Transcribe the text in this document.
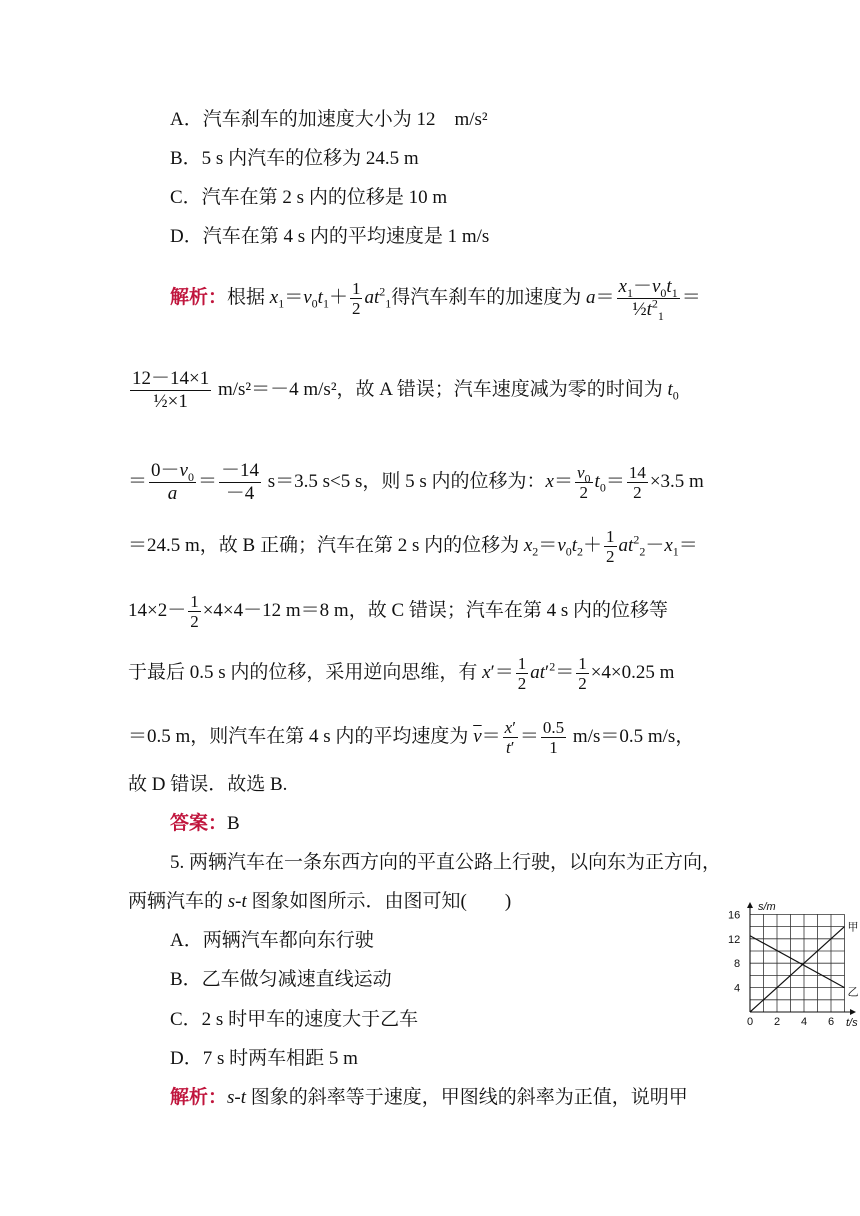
A．汽车刹车的加速度大小为 12　m/s²
B．5 s 内汽车的位移为 24.5 m
C．汽车在第 2 s 内的位移是 10 m
D．汽车在第 4 s 内的平均速度是 1 m/s
解析：根据 $x_1=v_0t_1+ \frac{1}{2} at^2_1$得汽车刹车的加速度为 $a= \frac{x_1-v_0t_1}{\frac{1}{2}t^2_1}$ ＝
$\frac{12-14\times 1}{\text{½×1}} m/s^2=-4$ m/s²，故 A 错误；汽车速度减为零的时间为 $t_0$
＝ $\frac{0-v_0}{a} = \frac{-14}{-4} s=3.5$ s<5 s，则 5 s 内的位移为：$x= \frac{v_0}{2} t_0= \frac{14}{2} \times 3.5$ m
＝24.5 m，故 B 正确；汽车在第 2 s 内的位移为 $x_2=v_0t_2+ \frac{1}{2} at^2_2-x_1=$
$14\times 2- \frac{1}{2} \times 4\times 4-12$ m＝8 m，故 C 错误；汽车在第 4 s 内的位移等
于最后 0.5 s 内的位移，采用逆向思维，有 $x'= \frac{1}{2} at'^2= \frac{1}{2} \times 4\times 0.25$ m
＝0.5 m，则汽车在第 4 s 内的平均速度为 $\overline{v}= \frac{x'}{t'} = \frac{0.5}{1} m/s=0.5$ m/s，
故 D 错误．故选 B.
答案：B
5. 两辆汽车在一条东西方向的平直公路上行驶，以向东为正方向，
两辆汽车的 s-t 图象如图所示．由图可知(　　)
A．两辆汽车都向东行驶
B．乙车做匀减速直线运动
C．2 s 时甲车的速度大于乙车
D．7 s 时两车相距 5 m
解析：s-t 图象的斜率等于速度，甲图线的斜率为正值，说明甲
0 2 4 6
4
8
12
16
甲
乙
s/m
t/s
